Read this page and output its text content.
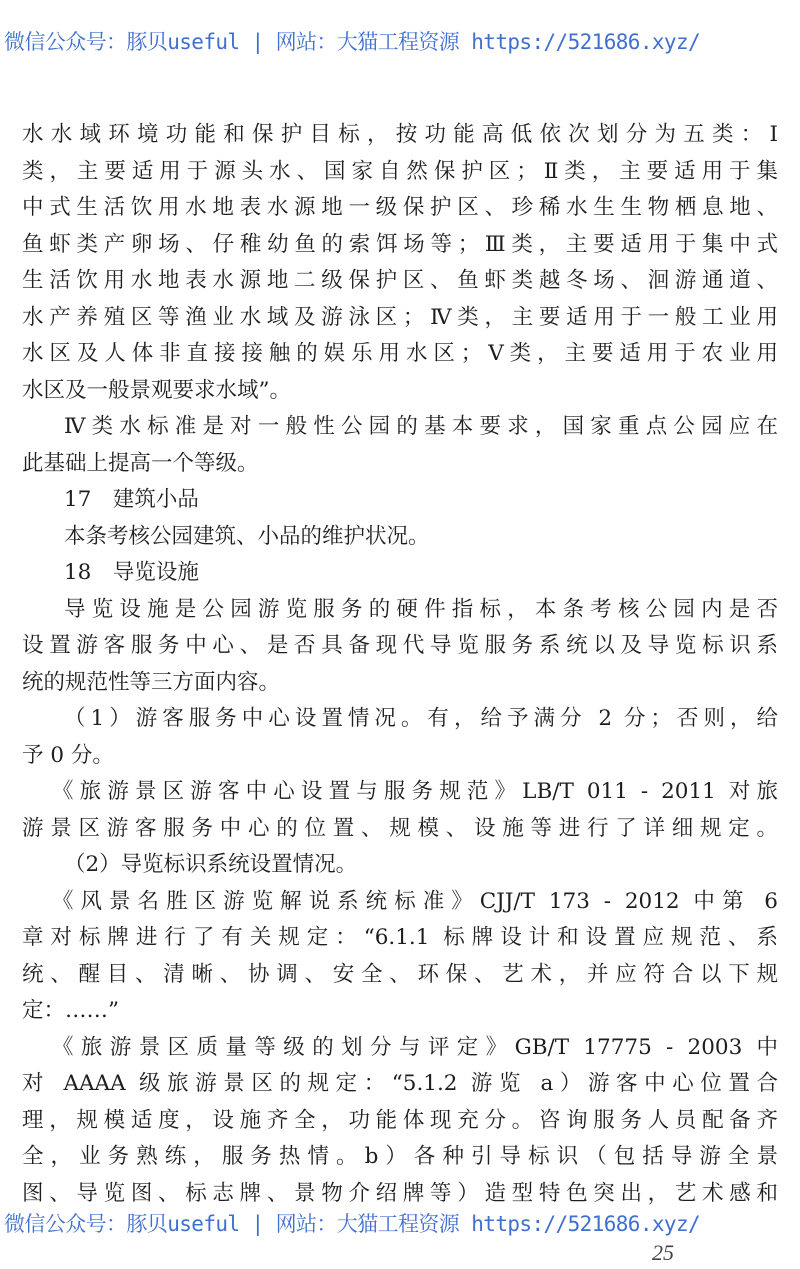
微信公众号：豚贝useful | 网站：大猫工程资源 https://521686.xyz/
水水域环境功能和保护目标，按功能高低依次划分为五类：Ⅰ
类，主要适用于源头水、国家自然保护区；Ⅱ类，主要适用于集
中式生活饮用水地表水源地一级保护区、珍稀水生生物栖息地、
鱼虾类产卵场、仔稚幼鱼的索饵场等；Ⅲ类，主要适用于集中式
生活饮用水地表水源地二级保护区、鱼虾类越冬场、洄游通道、
水产养殖区等渔业水域及游泳区；Ⅳ类，主要适用于一般工业用
水区及人体非直接接触的娱乐用水区；Ⅴ类，主要适用于农业用
水区及一般景观要求水域”。
Ⅳ类水标准是对一般性公园的基本要求，国家重点公园应在
此基础上提高一个等级。
17　建筑小品
本条考核公园建筑、小品的维护状况。
18　导览设施
导览设施是公园游览服务的硬件指标，本条考核公园内是否
设置游客服务中心、是否具备现代导览服务系统以及导览标识系
统的规范性等三方面内容。
（1）游客服务中心设置情况。有，给予满分 2 分；否则，给
予 0 分。
《旅游景区游客中心设置与服务规范》LB/T 011 - 2011 对旅
游景区游客服务中心的位置、规模、设施等进行了详细规定。
（2）导览标识系统设置情况。
《风景名胜区游览解说系统标准》CJJ/T 173 - 2012 中第 6
章对标牌进行了有关规定：“6.1.1 标牌设计和设置应规范、系
统、醒目、清晰、协调、安全、环保、艺术，并应符合以下规
定：……”
《旅游景区质量等级的划分与评定》GB/T 17775 - 2003 中
对 AAAA 级旅游景区的规定：“5.1.2 游览 a）游客中心位置合
理，规模适度，设施齐全，功能体现充分。咨询服务人员配备齐
全，业务熟练，服务热情。b）各种引导标识（包括导游全景
图、导览图、标志牌、景物介绍牌等）造型特色突出，艺术感和
微信公众号：豚贝useful | 网站：大猫工程资源 https://521686.xyz/
25
